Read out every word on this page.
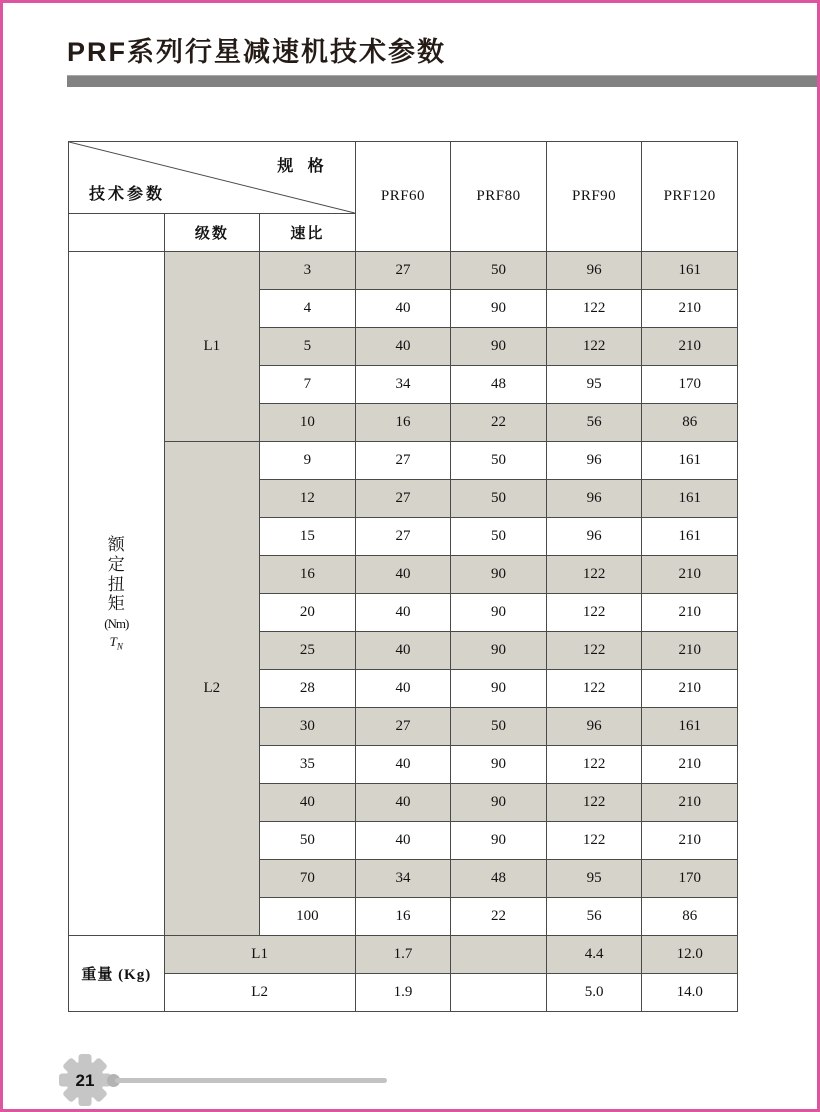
PRF系列行星减速机技术参数
规 格
技术参数			PRF60	PRF80	PRF90	PRF120
	级数	速比				

额
定
扭
矩
(Nm)
$T_N$
	L1	3	27	50	96	161
		4	40	90	122	210
		5	40	90	122	210
		7	34	48	95	170
		10	16	22	56	86
	L2	9	27	50	96	161
		12	27	50	96	161
		15	27	50	96	161
		16	40	90	122	210
		20	40	90	122	210
		25	40	90	122	210
		28	40	90	122	210
		30	27	50	96	161
		35	40	90	122	210
		40	40	90	122	210
		50	40	90	122	210
		70	34	48	95	170
		100	16	22	56	86
重量 (Kg)	L1		1.7		4.4	12.0
	L2		1.9		5.0	14.0
21
